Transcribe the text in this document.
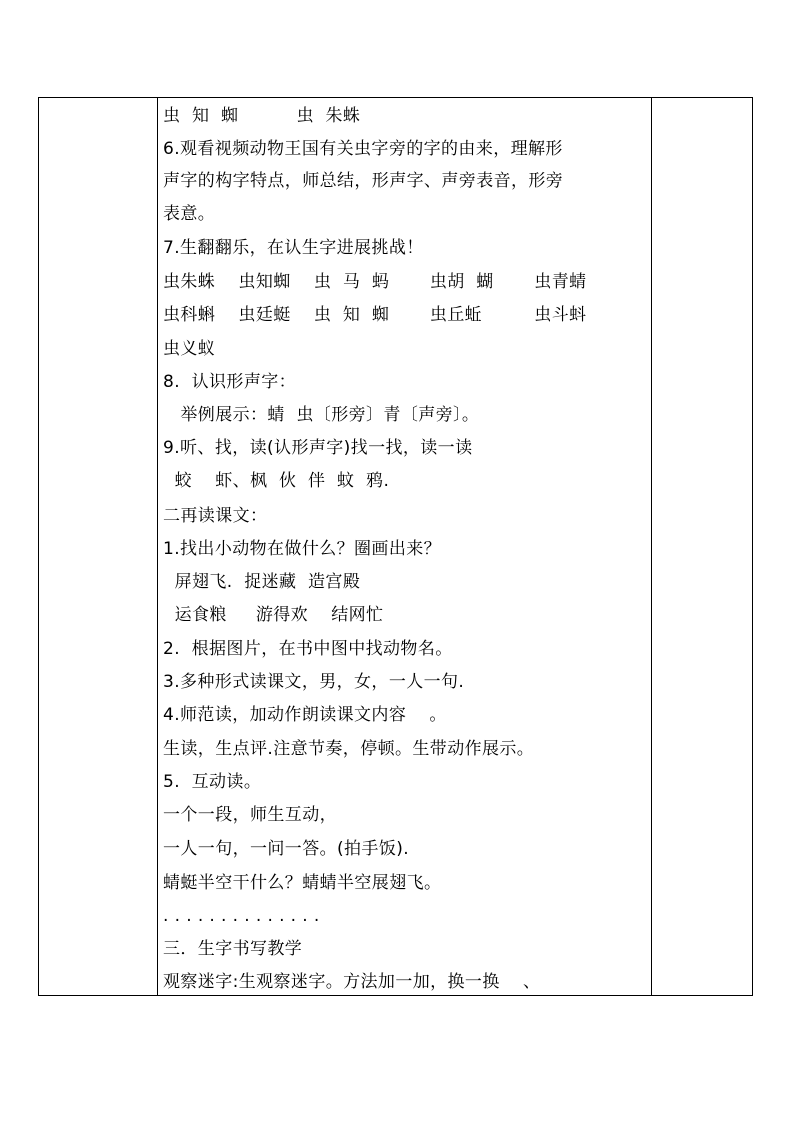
虫  知  蜘          虫  朱蛛
6.观看视频动物王国有关虫字旁的字的由来，理解形
声字的构字特点，师总结，形声字、声旁表音，形旁
表意。
7.生翻翻乐，在认生字进展挑战！
虫朱蛛    虫知蜘    虫  马  蚂       虫胡  蝴       虫青蜻
虫科蝌    虫廷蜓    虫  知  蜘       虫丘蚯         虫斗蚪
虫义蚁
8.  认识形声字：
举例展示：蜻  虫〔形旁〕青〔声旁〕。
9.听、找，读(认形声字)找一找，读一读
蛟    虾、枫  伙  伴  蚊  鸦.
二再读课文：
1.找出小动物在做什么？圈画出来？
屏翅飞.  捉迷藏  造宫殿
运食粮     游得欢    结网忙
2.  根据图片，在书中图中找动物名。
3.多种形式读课文，男，女，一人一句.
4.师范读，加动作朗读课文内容    。
生读，生点评.注意节奏，停顿。生带动作展示。
5.  互动读。
一个一段，师生互动，
一人一句，一问一答。(拍手饭).
蜻蜓半空干什么？蜻蜻半空展翅飞。
. . . . . . . . . . . . . .
三．生字书写教学
观察迷字:生观察迷字。方法加一加，换一换    、
